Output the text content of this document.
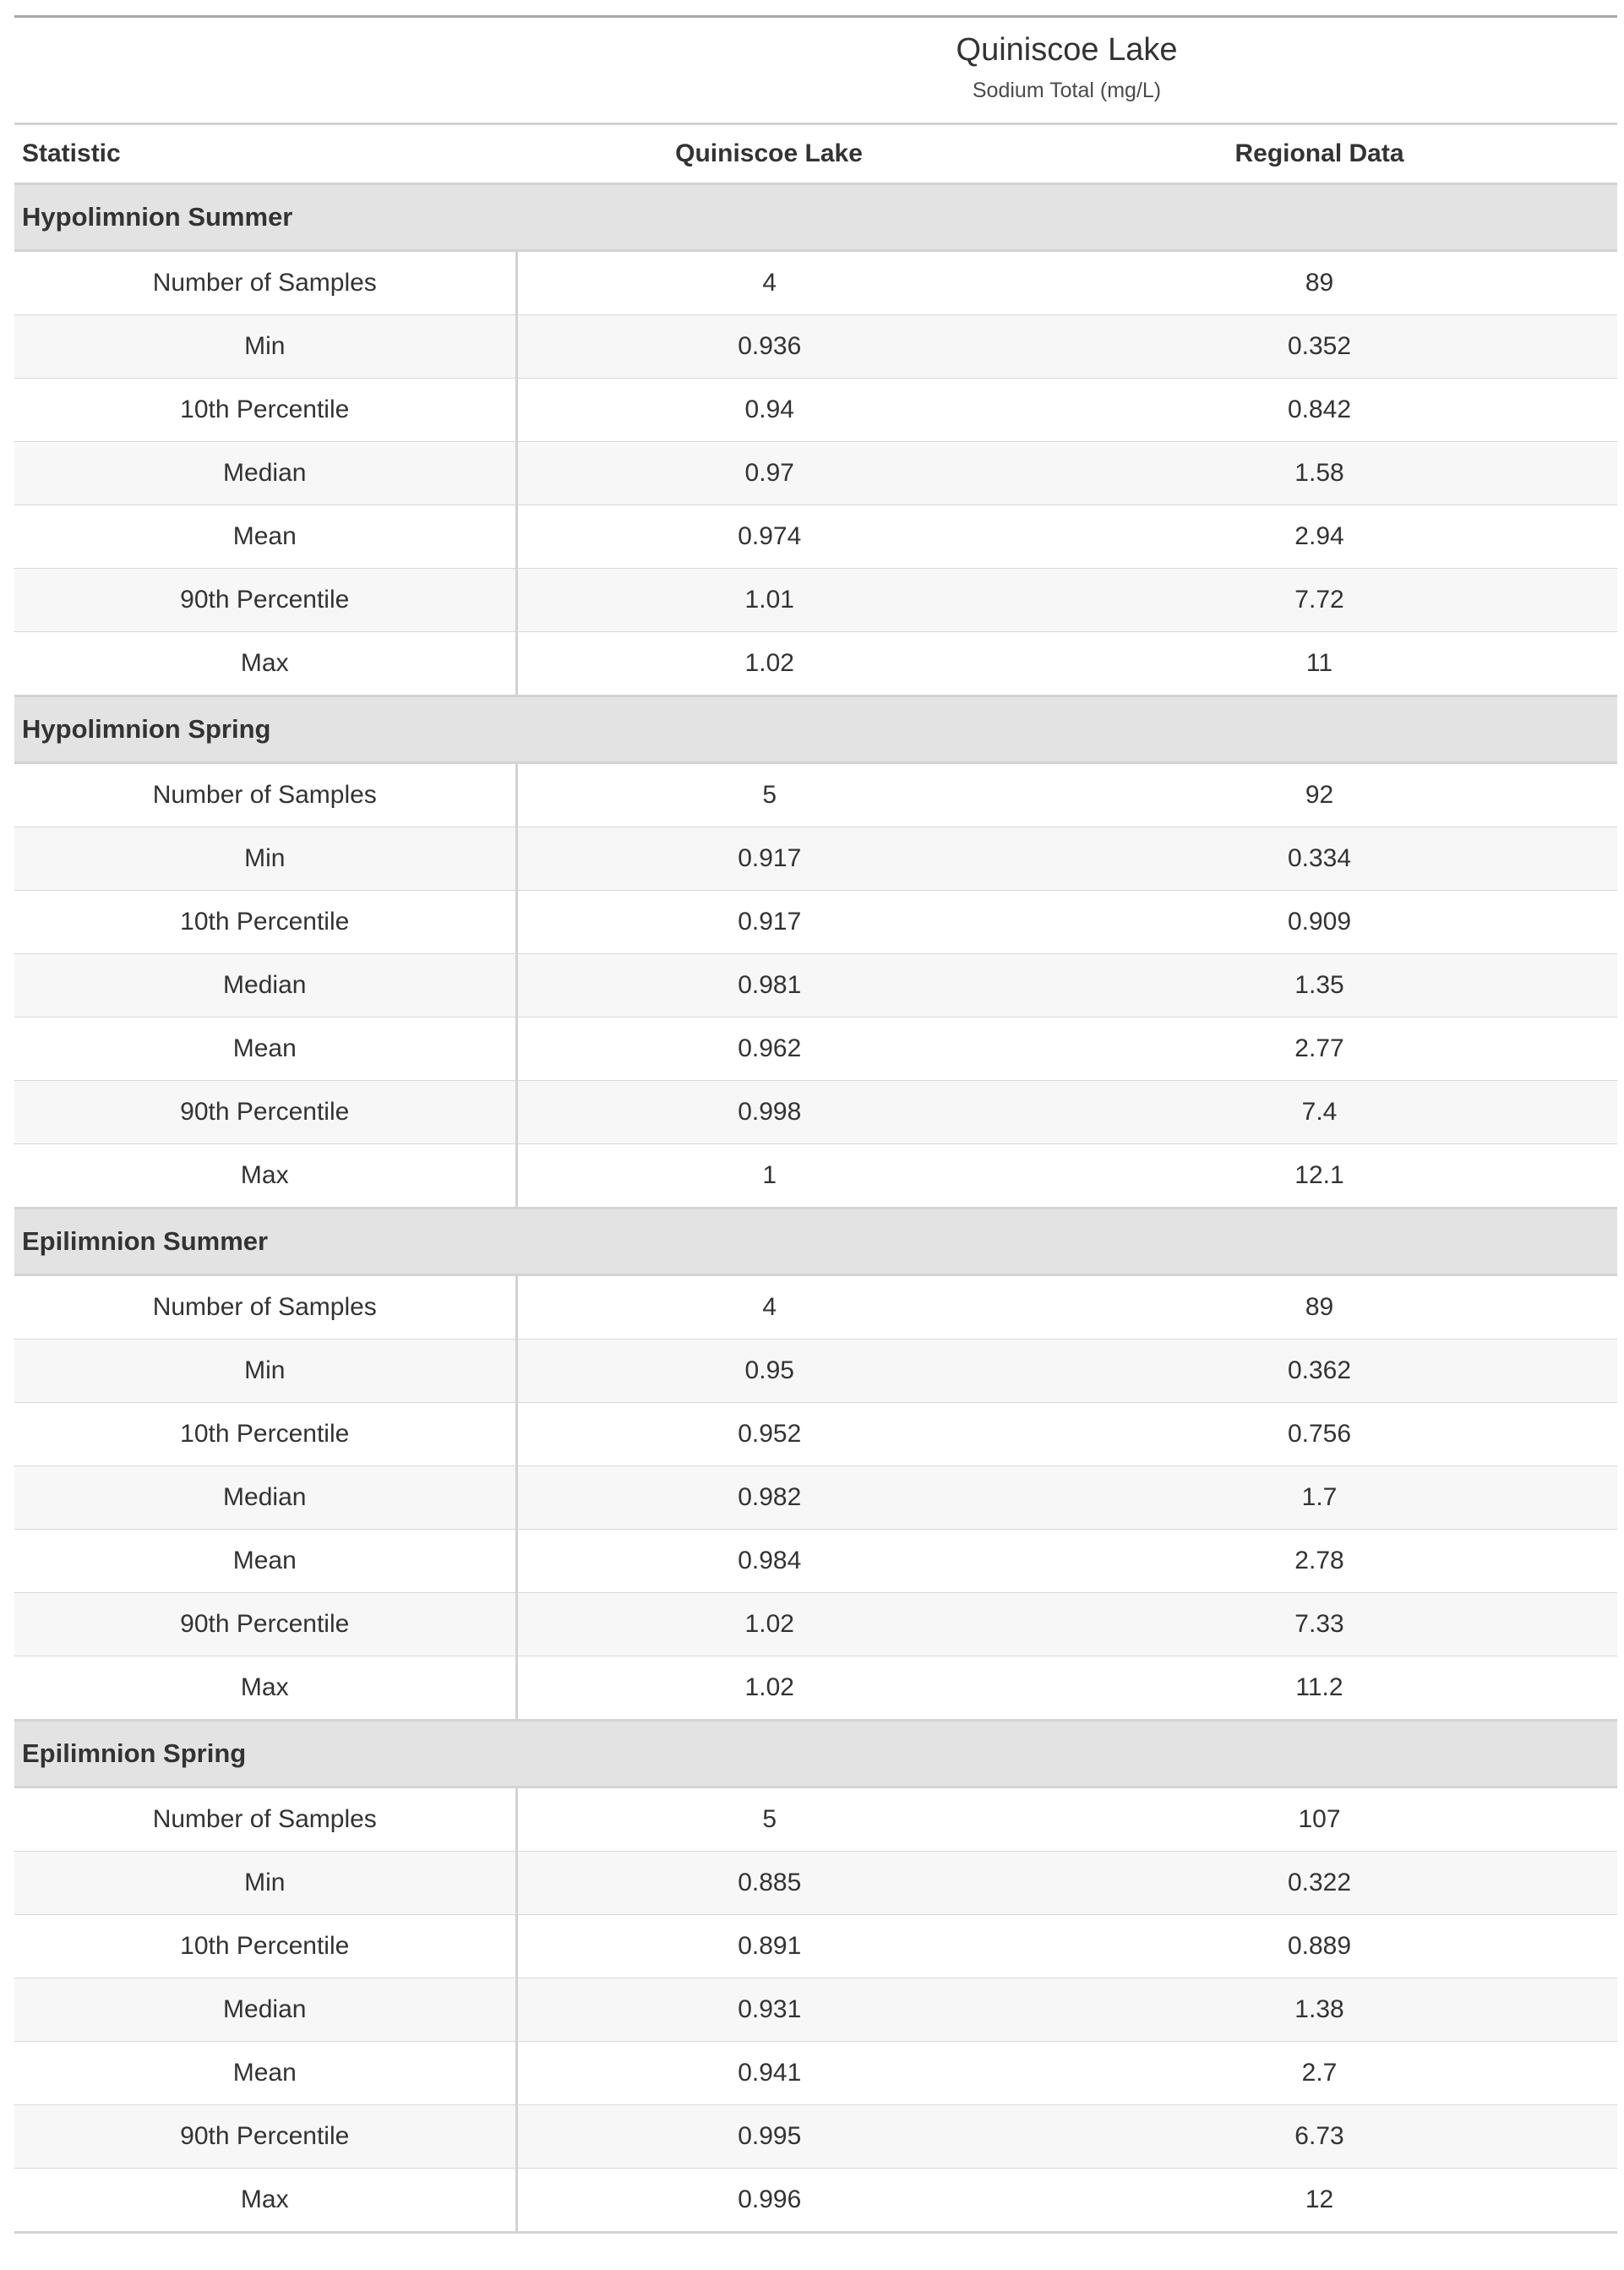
	Quiniscoe Lake	
	Sodium Total (mg/L)	
Statistic	Quiniscoe Lake	Regional Data
Hypolimnion Summer		
Number of Samples	4	89
Min	0.936	0.352
10th Percentile	0.94	0.842
Median	0.97	1.58
Mean	0.974	2.94
90th Percentile	1.01	7.72
Max	1.02	11
Hypolimnion Spring		
Number of Samples	5	92
Min	0.917	0.334
10th Percentile	0.917	0.909
Median	0.981	1.35
Mean	0.962	2.77
90th Percentile	0.998	7.4
Max	1	12.1
Epilimnion Summer		
Number of Samples	4	89
Min	0.95	0.362
10th Percentile	0.952	0.756
Median	0.982	1.7
Mean	0.984	2.78
90th Percentile	1.02	7.33
Max	1.02	11.2
Epilimnion Spring		
Number of Samples	5	107
Min	0.885	0.322
10th Percentile	0.891	0.889
Median	0.931	1.38
Mean	0.941	2.7
90th Percentile	0.995	6.73
Max	0.996	12
